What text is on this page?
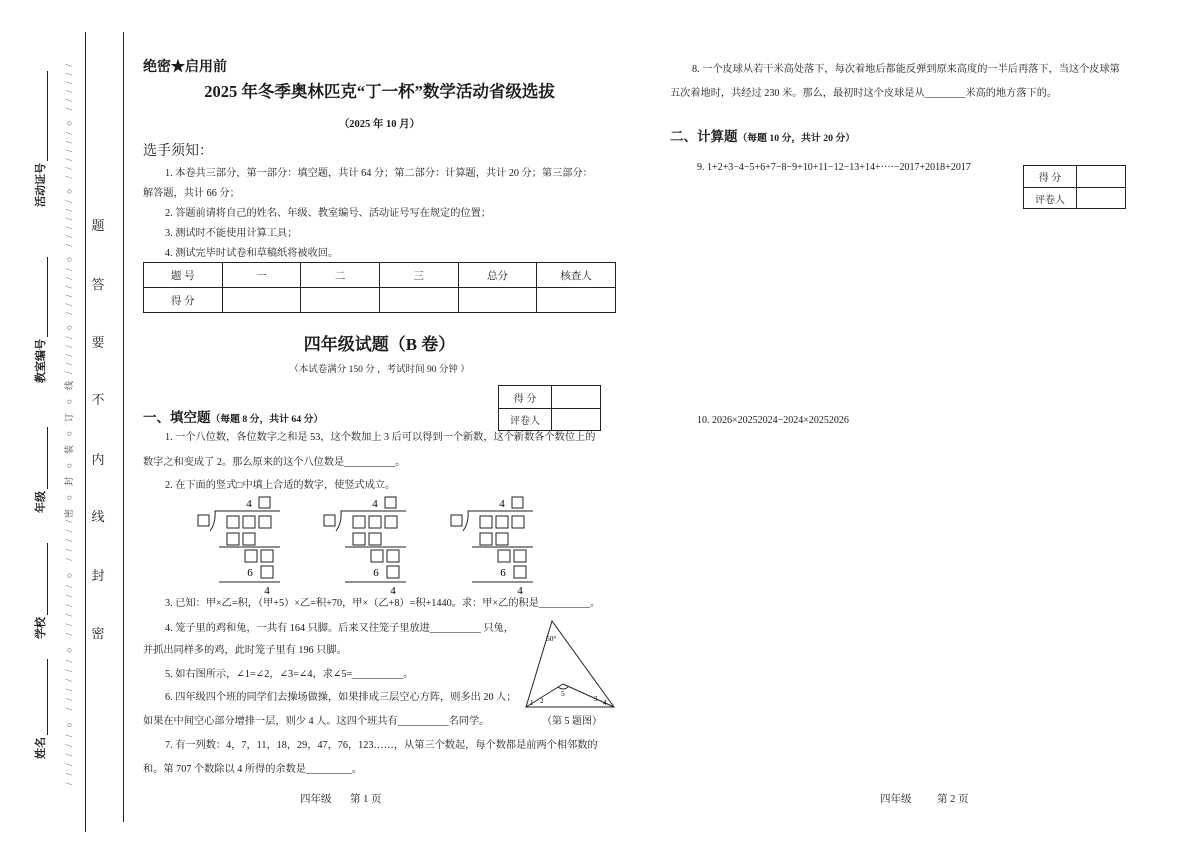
活动证号
教室编号
年级
学校
姓名 / / / / / / ○ / / / / / / ○ / / / / / / ○ / / / / /
密 ○ 封 ○ 装 ○ 订 ○ 线
/ / / / / ○ / / / / / / ○ / / / / / / ○ / / / / / / ○ / / / / / / 题
答
要
不
内
线
封
密
绝密★启用前
2025 年冬季奥林匹克“丁一杯”数学活动省级选拔
（2025 年 10 月）
选手须知：
1. 本卷共三部分，第一部分：填空题，共计 64 分；第二部分：计算题，共计 20 分；第三部分：
解答题，共计 66 分；
2. 答题前请将自己的姓名、年级、教室编号、活动证号写在规定的位置；
3. 测试时不能使用计算工具；
4. 测试完毕时试卷和草稿纸将被收回。
题 号	一	二	三	总分	核查人
得 分					
四年级试题（B 卷）
（本试卷满分 150 分 ，考试时间 90 分钟 ）
得 分	
评卷人	
一、填空题（每题 8 分，共计 64 分）
1. 一个八位数，各位数字之和是 53，这个数加上 3 后可以得到一个新数，这个新数各个数位上的
数字之和变成了 2。那么原来的这个八位数是__________。
2. 在下面的竖式□中填上合适的数字，使竖式成立。
4
6
4
4
6
4
4
6
4
3. 已知：甲×乙=积，（甲+5）×乙=积+70，甲×（乙+8）=积+1440。求：甲×乙的积是__________。
4. 笼子里的鸡和兔，一共有 164 只脚。后来又往笼子里放进__________ 只兔，
并抓出同样多的鸡，此时笼子里有 196 只脚。
5. 如右图所示，∠1=∠2，∠3=∠4，求∠5=__________。
6. 四年级四个班的同学们去操场做操，如果排成三层空心方阵，则多出 20 人；
如果在中间空心部分增排一层，则少 4 人。这四个班共有__________名同学。
50°
1 2	3 4
5
（第 5 题图）
7. 有一列数：4，7，11，18，29，47，76，123……，从第三个数起，每个数都是前两个相邻数的
和。第 707 个数除以 4 所得的余数是_________。
四年级 第 1 页
8. 一个皮球从若干米高处落下，每次着地后都能反弹到原来高度的一半后再落下，当这个皮球第
五次着地时，共经过 230 米。那么，最初时这个皮球是从________米高的地方落下的。
二、计算题（每题 10 分，共计 20 分）
9. 1+2+3−4−5+6+7−8−9+10+11−12−13+14+····−2017+2018+2017
得 分	
评卷人	
10. 2026×20252024−2024×20252026
四年级 第 2 页
